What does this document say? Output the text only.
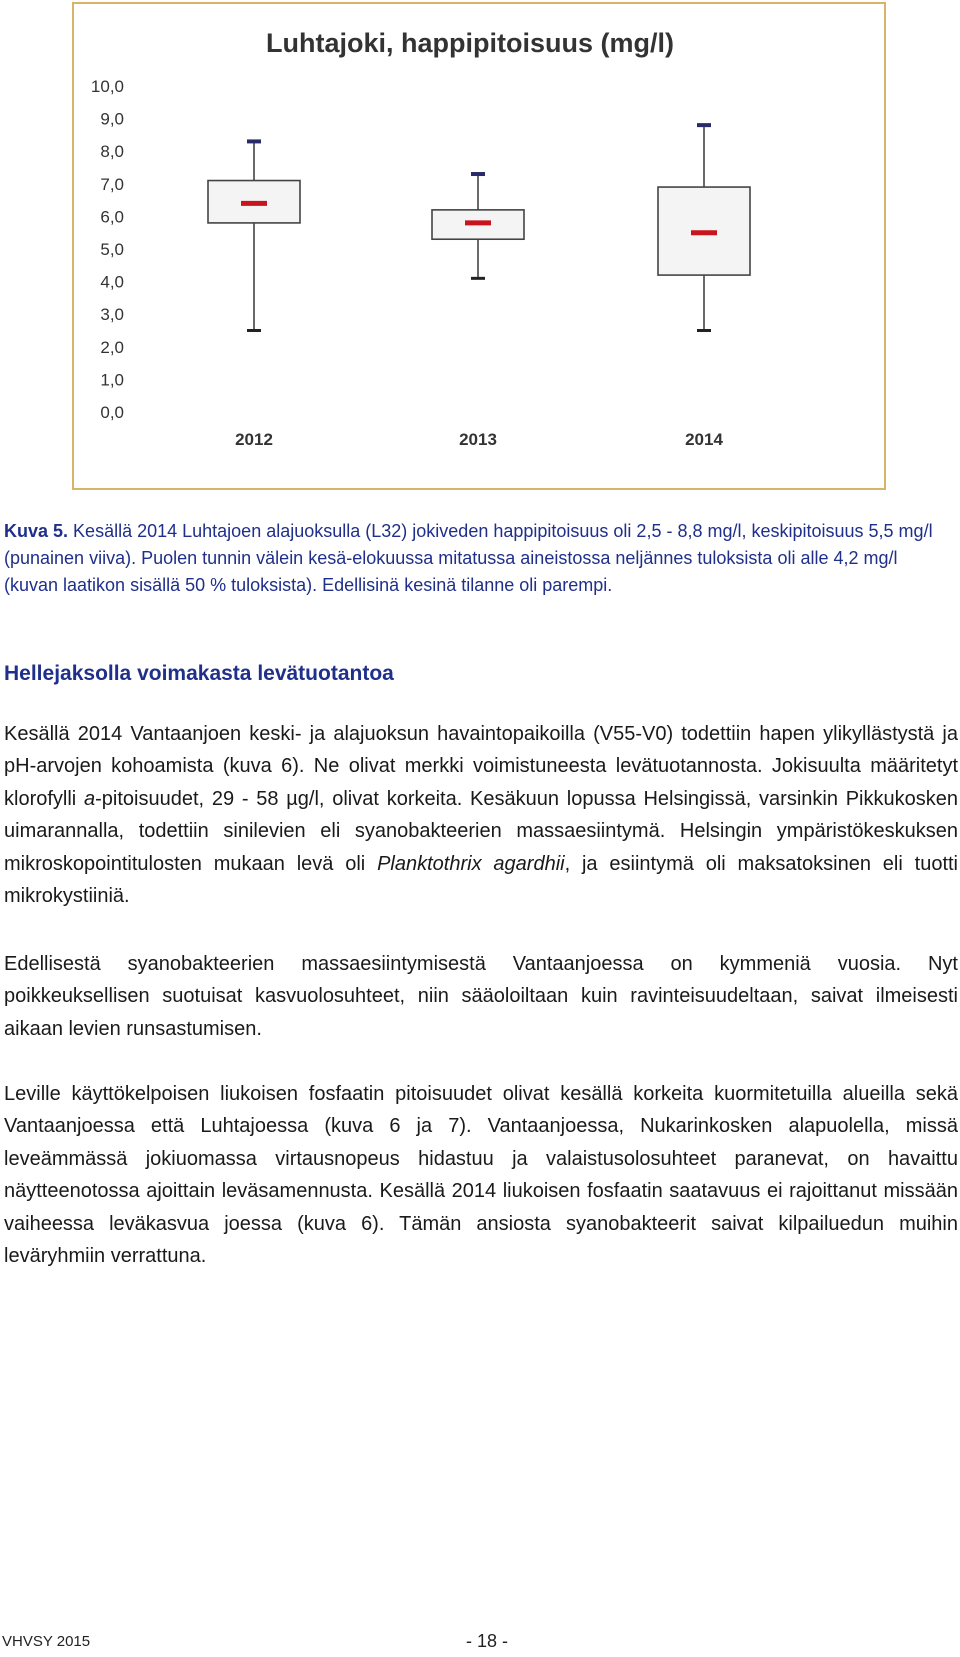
Luhtajoki, happipitoisuus (mg/l)
0,0
1,0
2,0
3,0
4,0
5,0
6,0
7,0
8,0
9,0
10,0
2012	2013	2014
Kuva 5. Kesällä 2014 Luhtajoen alajuoksulla (L32) jokiveden happipitoisuus oli 2,5 - 8,8 mg/l, keskipitoisuus 5,5 mg/l (punainen viiva). Puolen tunnin välein kesä-elokuussa mitatussa aineistossa neljännes tuloksista oli alle 4,2 mg/l (kuvan laatikon sisällä 50 % tuloksista). Edellisinä kesinä tilanne oli parempi.
Hellejaksolla voimakasta levätuotantoa
Kesällä 2014 Vantaanjoen keski- ja alajuoksun havaintopaikoilla (V55-V0) todettiin hapen ylikyllästystä ja pH-arvojen kohoamista (kuva 6). Ne olivat merkki voimistuneesta levätuotannosta. Jokisuulta määritetyt klorofylli a-pitoisuudet, 29 - 58 µg/l, olivat korkeita. Kesäkuun lopussa Helsingissä, varsinkin Pikkukosken uimarannalla, todettiin sinilevien eli syanobakteerien massaesiintymä. Helsingin ympäristökeskuksen mikroskopointitulosten mukaan levä oli Planktothrix agardhii, ja esiintymä oli maksatoksinen eli tuotti mikrokystiiniä.
Edellisestä syanobakteerien massaesiintymisestä Vantaanjoessa on kymmeniä vuosia. Nyt poikkeuksellisen suotuisat kasvuolosuhteet, niin sääoloiltaan kuin ravinteisuudeltaan, saivat ilmeisesti aikaan levien runsastumisen.
Leville käyttökelpoisen liukoisen fosfaatin pitoisuudet olivat kesällä korkeita kuormitetuilla alueilla sekä Vantaanjoessa että Luhtajoessa (kuva 6 ja 7). Vantaanjoessa, Nukarinkosken alapuolella, missä leveämmässä jokiuomassa virtausnopeus hidastuu ja valaistusolosuhteet paranevat, on havaittu näytteenotossa ajoittain leväsamennusta. Kesällä 2014 liukoisen fosfaatin saatavuus ei rajoittanut missään vaiheessa leväkasvua joessa (kuva 6). Tämän ansiosta syanobakteerit saivat kilpailuedun muihin leväryhmiin verrattuna.
VHVSY 2015	- 18 -
